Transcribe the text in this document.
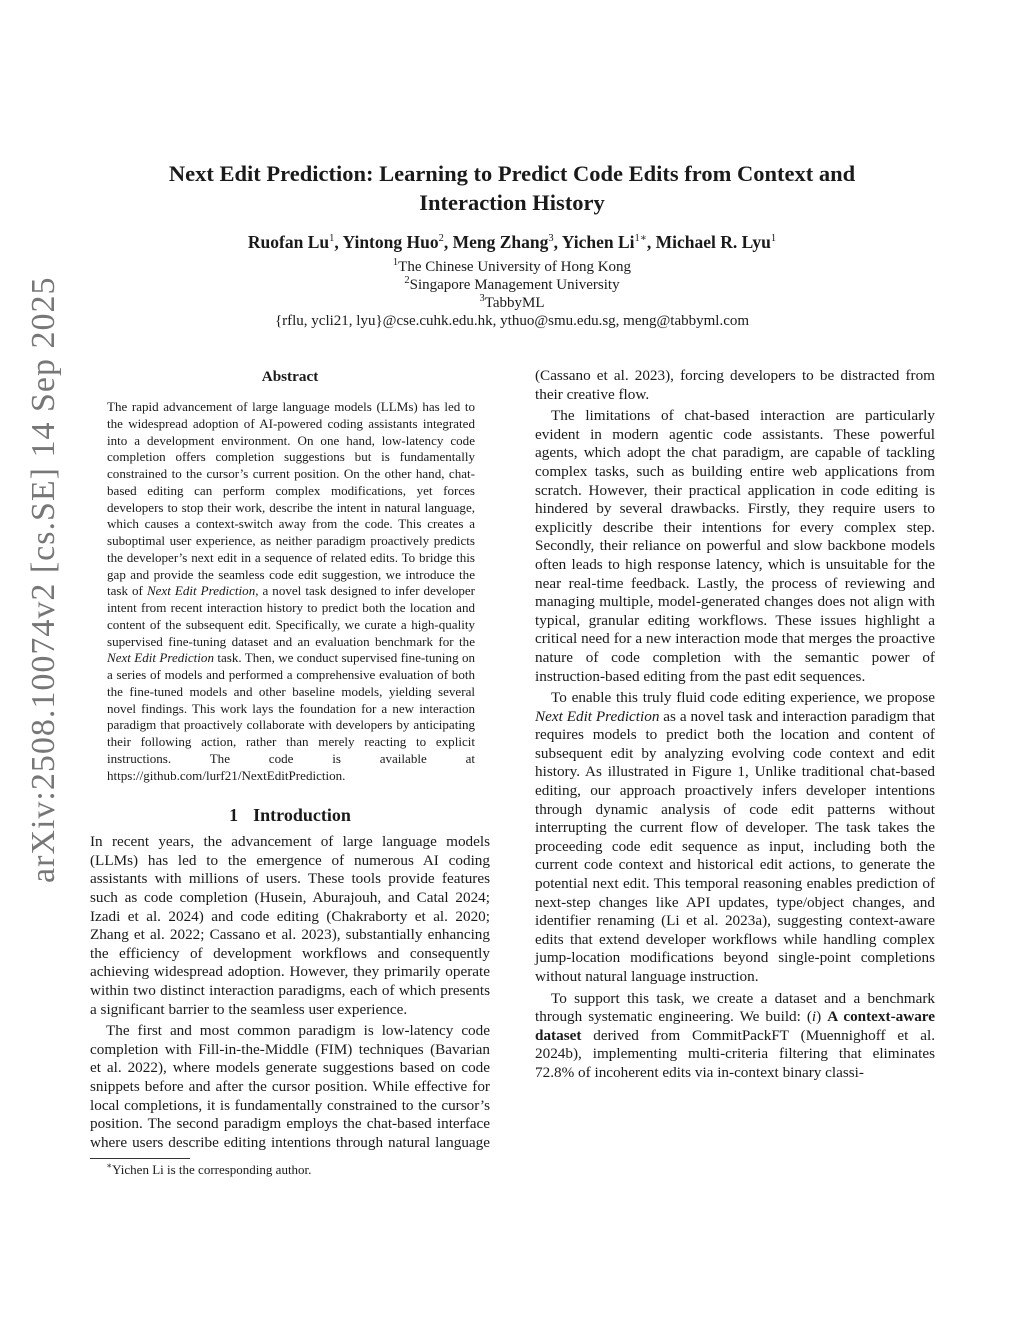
arXiv:2508.10074v2 [cs.SE] 14 Sep 2025
Next Edit Prediction: Learning to Predict Code Edits from Context and Interaction History
Ruofan Lu$^1$, Yintong Huo$^2$, Meng Zhang$^3$, Yichen $Li^{1∗}$, Michael R. Lyu$^1$
$^1$The Chinese University of Hong Kong
$^2$Singapore Management University
$^3$TabbyML
{rflu, ycli21, lyu}@cse.cuhk.edu.hk, ythuo@smu.edu.sg, meng@tabbyml.com
Abstract

The rapid advancement of large language models (LLMs) has led to the widespread adoption of AI-powered coding assistants integrated into a development environment. On one hand, low-latency code completion offers completion suggestions but is fundamentally constrained to the cursor’s current position. On the other hand, chat-based editing can perform complex modifications, yet forces developers to stop their work, describe the intent in natural language, which causes a context-switch away from the code. This creates a suboptimal user experience, as neither paradigm proactively predicts the developer’s next edit in a sequence of related edits. To bridge this gap and provide the seamless code edit suggestion, we introduce the task of Next Edit Prediction, a novel task designed to infer developer intent from recent interaction history to predict both the location and content of the subsequent edit. Specifically, we curate a high-quality supervised fine-tuning dataset and an evaluation benchmark for the Next Edit Prediction task. Then, we conduct supervised fine-tuning on a series of models and performed a comprehensive evaluation of both the fine-tuned models and other baseline models, yielding several novel findings. This work lays the foundation for a new interaction paradigm that proactively collaborate with developers by anticipating their following action, rather than merely reacting to explicit instructions. The code is available at https://github.com/lurf21/NextEditPrediction.

1 Introduction

In recent years, the advancement of large language models (LLMs) has led to the emergence of numerous AI coding assistants with millions of users. These tools provide features such as code completion (Husein, Aburajouh, and Catal 2024; Izadi et al. 2024) and code editing (Chakraborty et al. 2020; Zhang et al. 2022; Cassano et al. 2023), substantially enhancing the efficiency of development workflows and consequently achieving widespread adoption. However, they primarily operate within two distinct interaction paradigms, each of which presents a significant barrier to the seamless user experience.

The first and most common paradigm is low-latency code completion with Fill-in-the-Middle (FIM) techniques (Bavarian et al. 2022), where models generate suggestions based on code snippets before and after the cursor position. While effective for local completions, it is fundamentally constrained to the cursor’s position. The second paradigm employs the chat-based interface where users describe editing intentions through natural language

(Cassano et al. 2023), forcing developers to be distracted from their creative flow.

The limitations of chat-based interaction are particularly evident in modern agentic code assistants. These powerful agents, which adopt the chat paradigm, are capable of tackling complex tasks, such as building entire web applications from scratch. However, their practical application in code editing is hindered by several drawbacks. Firstly, they require users to explicitly describe their intentions for every complex step. Secondly, their reliance on powerful and slow backbone models often leads to high response latency, which is unsuitable for the near real-time feedback. Lastly, the process of reviewing and managing multiple, model-generated changes does not align with typical, granular editing workflows. These issues highlight a critical need for a new interaction mode that merges the proactive nature of code completion with the semantic power of instruction-based editing from the past edit sequences.

To enable this truly fluid code editing experience, we propose Next Edit Prediction as a novel task and interaction paradigm that requires models to predict both the location and content of subsequent edit by analyzing evolving code context and edit history. As illustrated in Figure 1, Unlike traditional chat-based editing, our approach proactively infers developer intentions through dynamic analysis of code edit patterns without interrupting the current flow of developer. The task takes the proceeding code edit sequence as input, including both the current code context and historical edit actions, to generate the potential next edit. This temporal reasoning enables prediction of next-step changes like API updates, type/object changes, and identifier renaming (Li et al. 2023a), suggesting context-aware edits that extend developer workflows while handling complex jump-location modifications beyond single-point completions without natural language instruction.

To support this task, we create a dataset and a benchmark through systematic engineering. We build: (i) A context-aware dataset derived from CommitPackFT (Muennighoff et al. 2024b), implementing multi-criteria filtering that eliminates 72.8% of incoherent edits via in-context binary classi-

∗Yichen Li is the corresponding author.
